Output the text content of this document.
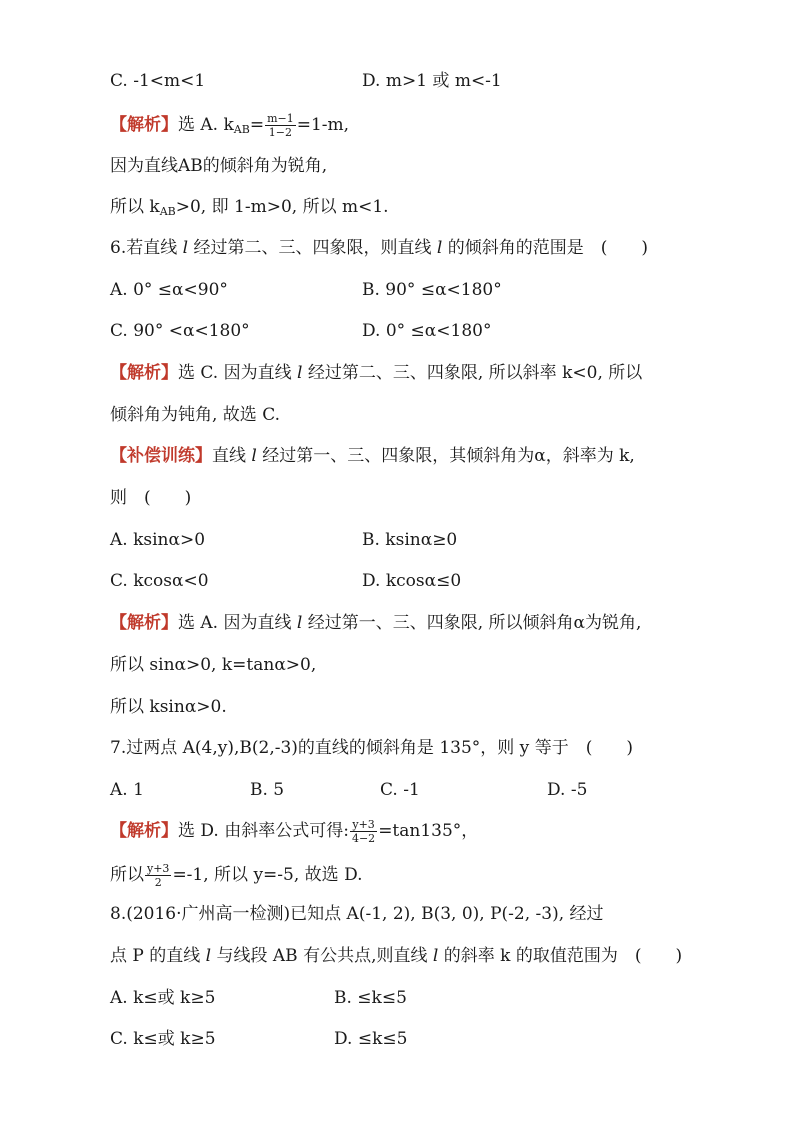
C. -1<m<1	D. m>1 或 m<-1
【解析】选 A. $k_{AB}= \frac{m-1}{1-2} =1-m$,
因为直线AB的倾斜角为锐角,
所以 $k_{AB}>0$, 即 1-m>0, 所以 m<1.
6.若直线 l 经过第二、三、四象限，则直线 l 的倾斜角的范围是　(　　)
A. 0° ≤α<90°	B. 90° ≤α<180°
C. 90° <α<180°	D. 0° ≤α<180°
【解析】选 C. 因为直线 l 经过第二、三、四象限, 所以斜率 k<0, 所以
倾斜角为钝角, 故选 C.
【补偿训练】直线 l 经过第一、三、四象限，其倾斜角为α，斜率为 k,
则　(　　)
A. ksinα>0	B. ksinα≥0
C. kcosα<0	D. kcosα≤0
【解析】选 A. 因为直线 l 经过第一、三、四象限, 所以倾斜角α为锐角,
所以 sinα>0, k=tanα>0,
所以 ksinα>0.
7.过两点 A(4,y),B(2,-3)的直线的倾斜角是 135°，则 y 等于　(　　)
A. 1	B. 5	C. -1	D. -5
【解析】选 D. 由斜率公式可得: $\frac{y+3}{4-2} =\tan 135^\circ$，
所以 $\frac{y+3}{2} =-1$, 所以 y=-5, 故选 D.
8.(2016·广州高一检测)已知点 A(-1, 2), B(3, 0), P(-2, -3), 经过
点 P 的直线 l 与线段 AB 有公共点,则直线 l 的斜率 k 的取值范围为　(　　)
A. k≤或 k≥5	B. ≤k≤5
C. k≤或 k≥5	D. ≤k≤5
